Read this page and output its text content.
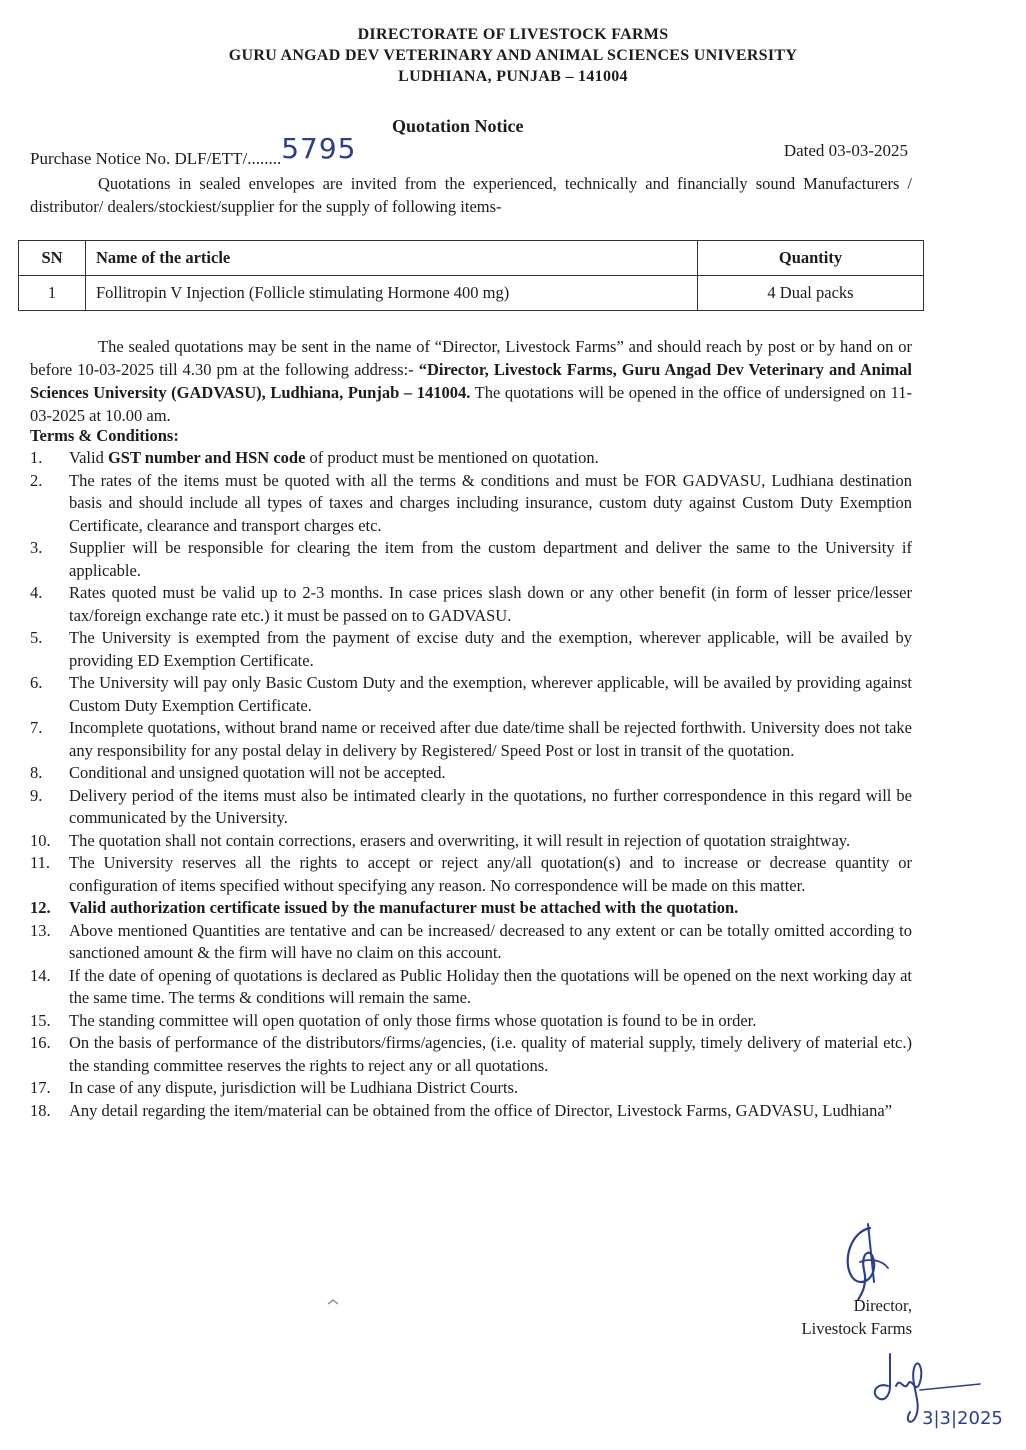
DIRECTORATE OF LIVESTOCK FARMS
GURU ANGAD DEV VETERINARY AND ANIMAL SCIENCES UNIVERSITY
LUDHIANA, PUNJAB – 141004
Quotation Notice
Purchase Notice No. DLF/ETT/........5795	Dated 03-03-2025
Quotations in sealed envelopes are invited from the experienced, technically and financially sound Manufacturers / distributor/ dealers/stockiest/supplier for the supply of following items-
SN	Name of the article	Quantity
1	Follitropin V Injection (Follicle stimulating Hormone 400 mg)	4 Dual packs
The sealed quotations may be sent in the name of “Director, Livestock Farms” and should reach by post or by hand on or before 10-03-2025 till 4.30 pm at the following address:- “Director, Livestock Farms, Guru Angad Dev Veterinary and Animal Sciences University (GADVASU), Ludhiana, Punjab – 141004. The quotations will be opened in the office of undersigned on 11-03-2025 at 10.00 am.
Terms & Conditions:
1.	Valid GST number and HSN code of product must be mentioned on quotation.
2.	The rates of the items must be quoted with all the terms & conditions and must be FOR GADVASU, Ludhiana destination basis and should include all types of taxes and charges including insurance, custom duty against Custom Duty Exemption Certificate, clearance and transport charges etc.
3.	Supplier will be responsible for clearing the item from the custom department and deliver the same to the University if applicable.
4.	Rates quoted must be valid up to 2-3 months. In case prices slash down or any other benefit (in form of lesser price/lesser tax/foreign exchange rate etc.) it must be passed on to GADVASU.
5.	The University is exempted from the payment of excise duty and the exemption, wherever applicable, will be availed by providing ED Exemption Certificate.
6.	The University will pay only Basic Custom Duty and the exemption, wherever applicable, will be availed by providing against Custom Duty Exemption Certificate.
7.	Incomplete quotations, without brand name or received after due date/time shall be rejected forthwith. University does not take any responsibility for any postal delay in delivery by Registered/ Speed Post or lost in transit of the quotation.
8.	Conditional and unsigned quotation will not be accepted.
9.	Delivery period of the items must also be intimated clearly in the quotations, no further correspondence in this regard will be communicated by the University.
10.	The quotation shall not contain corrections, erasers and overwriting, it will result in rejection of quotation straightway.
11.	The University reserves all the rights to accept or reject any/all quotation(s) and to increase or decrease quantity or configuration of items specified without specifying any reason. No correspondence will be made on this matter.
12.	Valid authorization certificate issued by the manufacturer must be attached with the quotation.
13.	Above mentioned Quantities are tentative and can be increased/ decreased to any extent or can be totally omitted according to sanctioned amount & the firm will have no claim on this account.
14.	If the date of opening of quotations is declared as Public Holiday then the quotations will be opened on the next working day at the same time. The terms & conditions will remain the same.
15.	The standing committee will open quotation of only those firms whose quotation is found to be in order.
16.	On the basis of performance of the distributors/firms/agencies, (i.e. quality of material supply, timely delivery of material etc.) the standing committee reserves the rights to reject any or all quotations.
17.	In case of any dispute, jurisdiction will be Ludhiana District Courts.
18.	Any detail regarding the item/material can be obtained from the office of Director, Livestock Farms, GADVASU, Ludhiana”
Director,
Livestock Farms
3|3|2025
